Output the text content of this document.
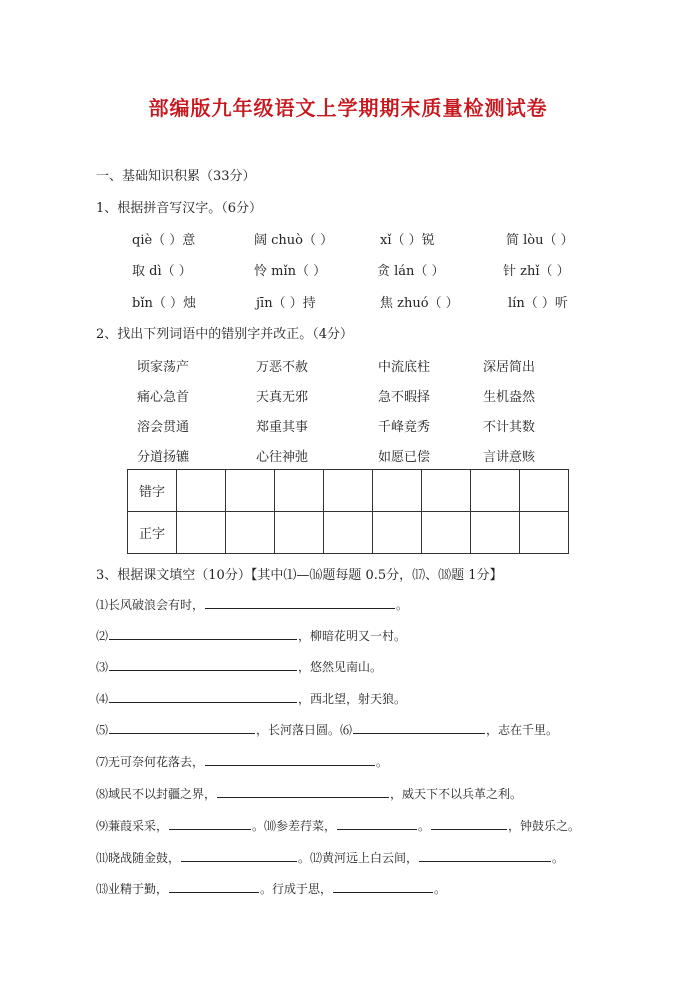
部编版九年级语文上学期期末质量检测试卷
一、基础知识积累（33分）
1、根据拼音写汉字。（6分）
qiè（ ）意	阔 chuò（ ）	xǐ（ ）锐	简 lòu（ ）
取 dì（ ）	怜 mǐn（ ）	贪 lán（ ）	针 zhǐ（ ）
bǐn（ ）烛	jīn（ ）持	焦 zhuó（ ）	lín（ ）听
2、找出下列词语中的错别字并改正。（4分）
顷家荡产	万恶不赦	中流底柱	深居简出
痛心急首	天真无邪	急不暇择	生机盎然
溶会贯通	郑重其事	千峰竟秀	不计其数
分道扬镳	心往神弛	如愿已偿	言讲意赅
错字								
正字								
3、根据课文填空（10分）【其中⑴—⒃题每题 0.5分，⒄、⒅题 1分】
⑴长风破浪会有时，	。
⑵	，柳暗花明又一村。
⑶	，悠然见南山。
⑷	，西北望，射天狼。
⑸	，长河落日圆。⑹	，志在千里。
⑺无可奈何花落去，	。
⑻域民不以封疆之界，	，威天下不以兵革之利。
⑼蒹葭采采，	。⑽参差荇菜，	。	，钟鼓乐之。
⑾晓战随金鼓，	。⑿黄河远上白云间，	。
⒀业精于勤，	。行成于思，	。
